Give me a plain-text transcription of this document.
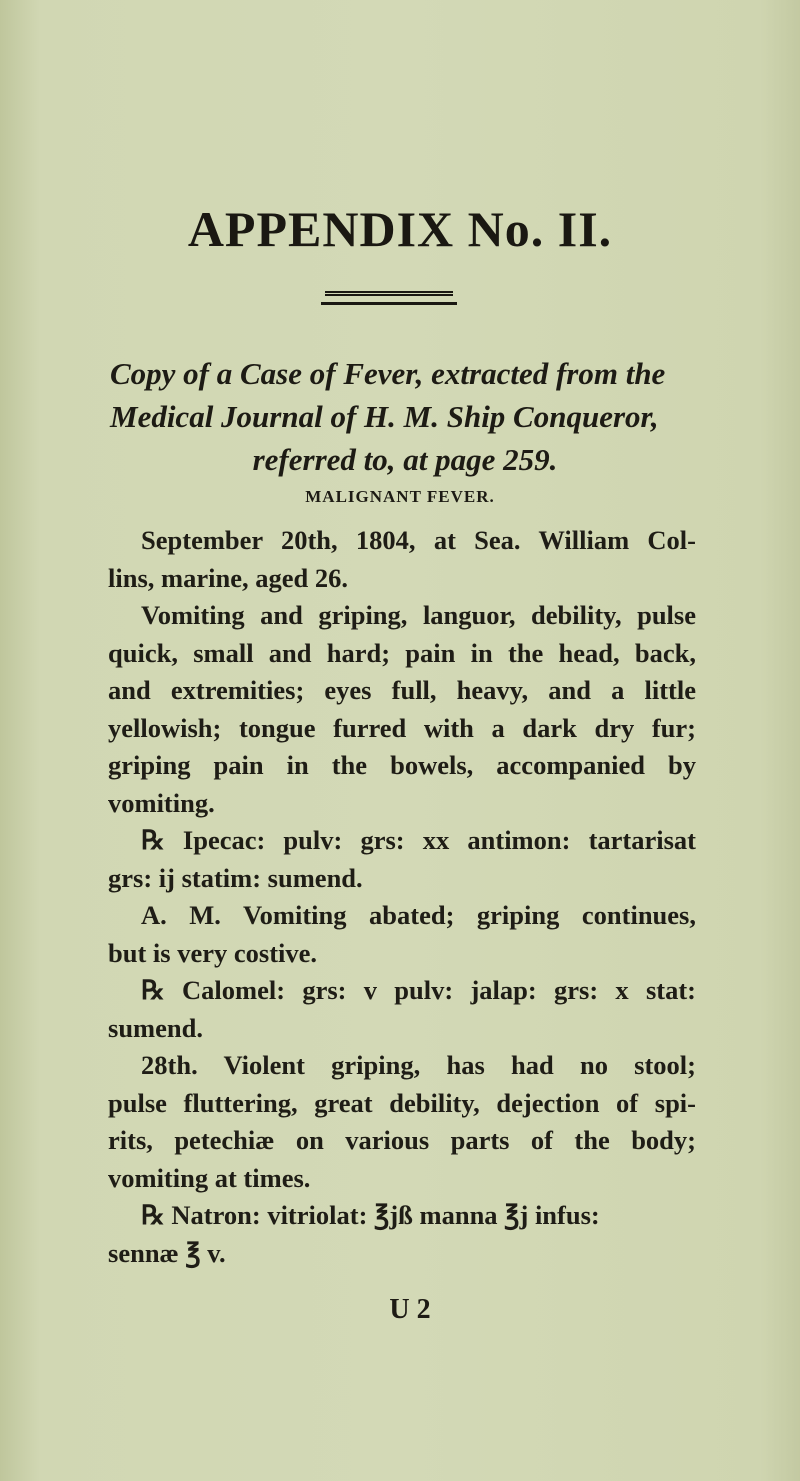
APPENDIX No. II.
Copy of a Case of Fever, extracted from the
Medical Journal of H. M. Ship Conqueror,
referred to, at page 259.
MALIGNANT FEVER.
September 20th, 1804, at Sea. William Col-
lins, marine, aged 26.
Vomiting and griping, languor, debility, pulse
quick, small and hard; pain in the head, back,
and extremities; eyes full, heavy, and a little
yellowish; tongue furred with a dark dry fur;
griping pain in the bowels, accompanied by
vomiting.
℞ Ipecac: pulv: grs: xx antimon: tartarisat
grs: ij statim: sumend.
A. M. Vomiting abated; griping continues,
but is very costive.
℞ Calomel: grs: v pulv: jalap: grs: x stat:
sumend.
28th. Violent griping, has had no stool;
pulse fluttering, great debility, dejection of spi-
rits, petechiæ on various parts of the body;
vomiting at times.
℞ Natron: vitriolat: ℥jß manna ℥j infus:
sennæ ℥ v.
U 2
